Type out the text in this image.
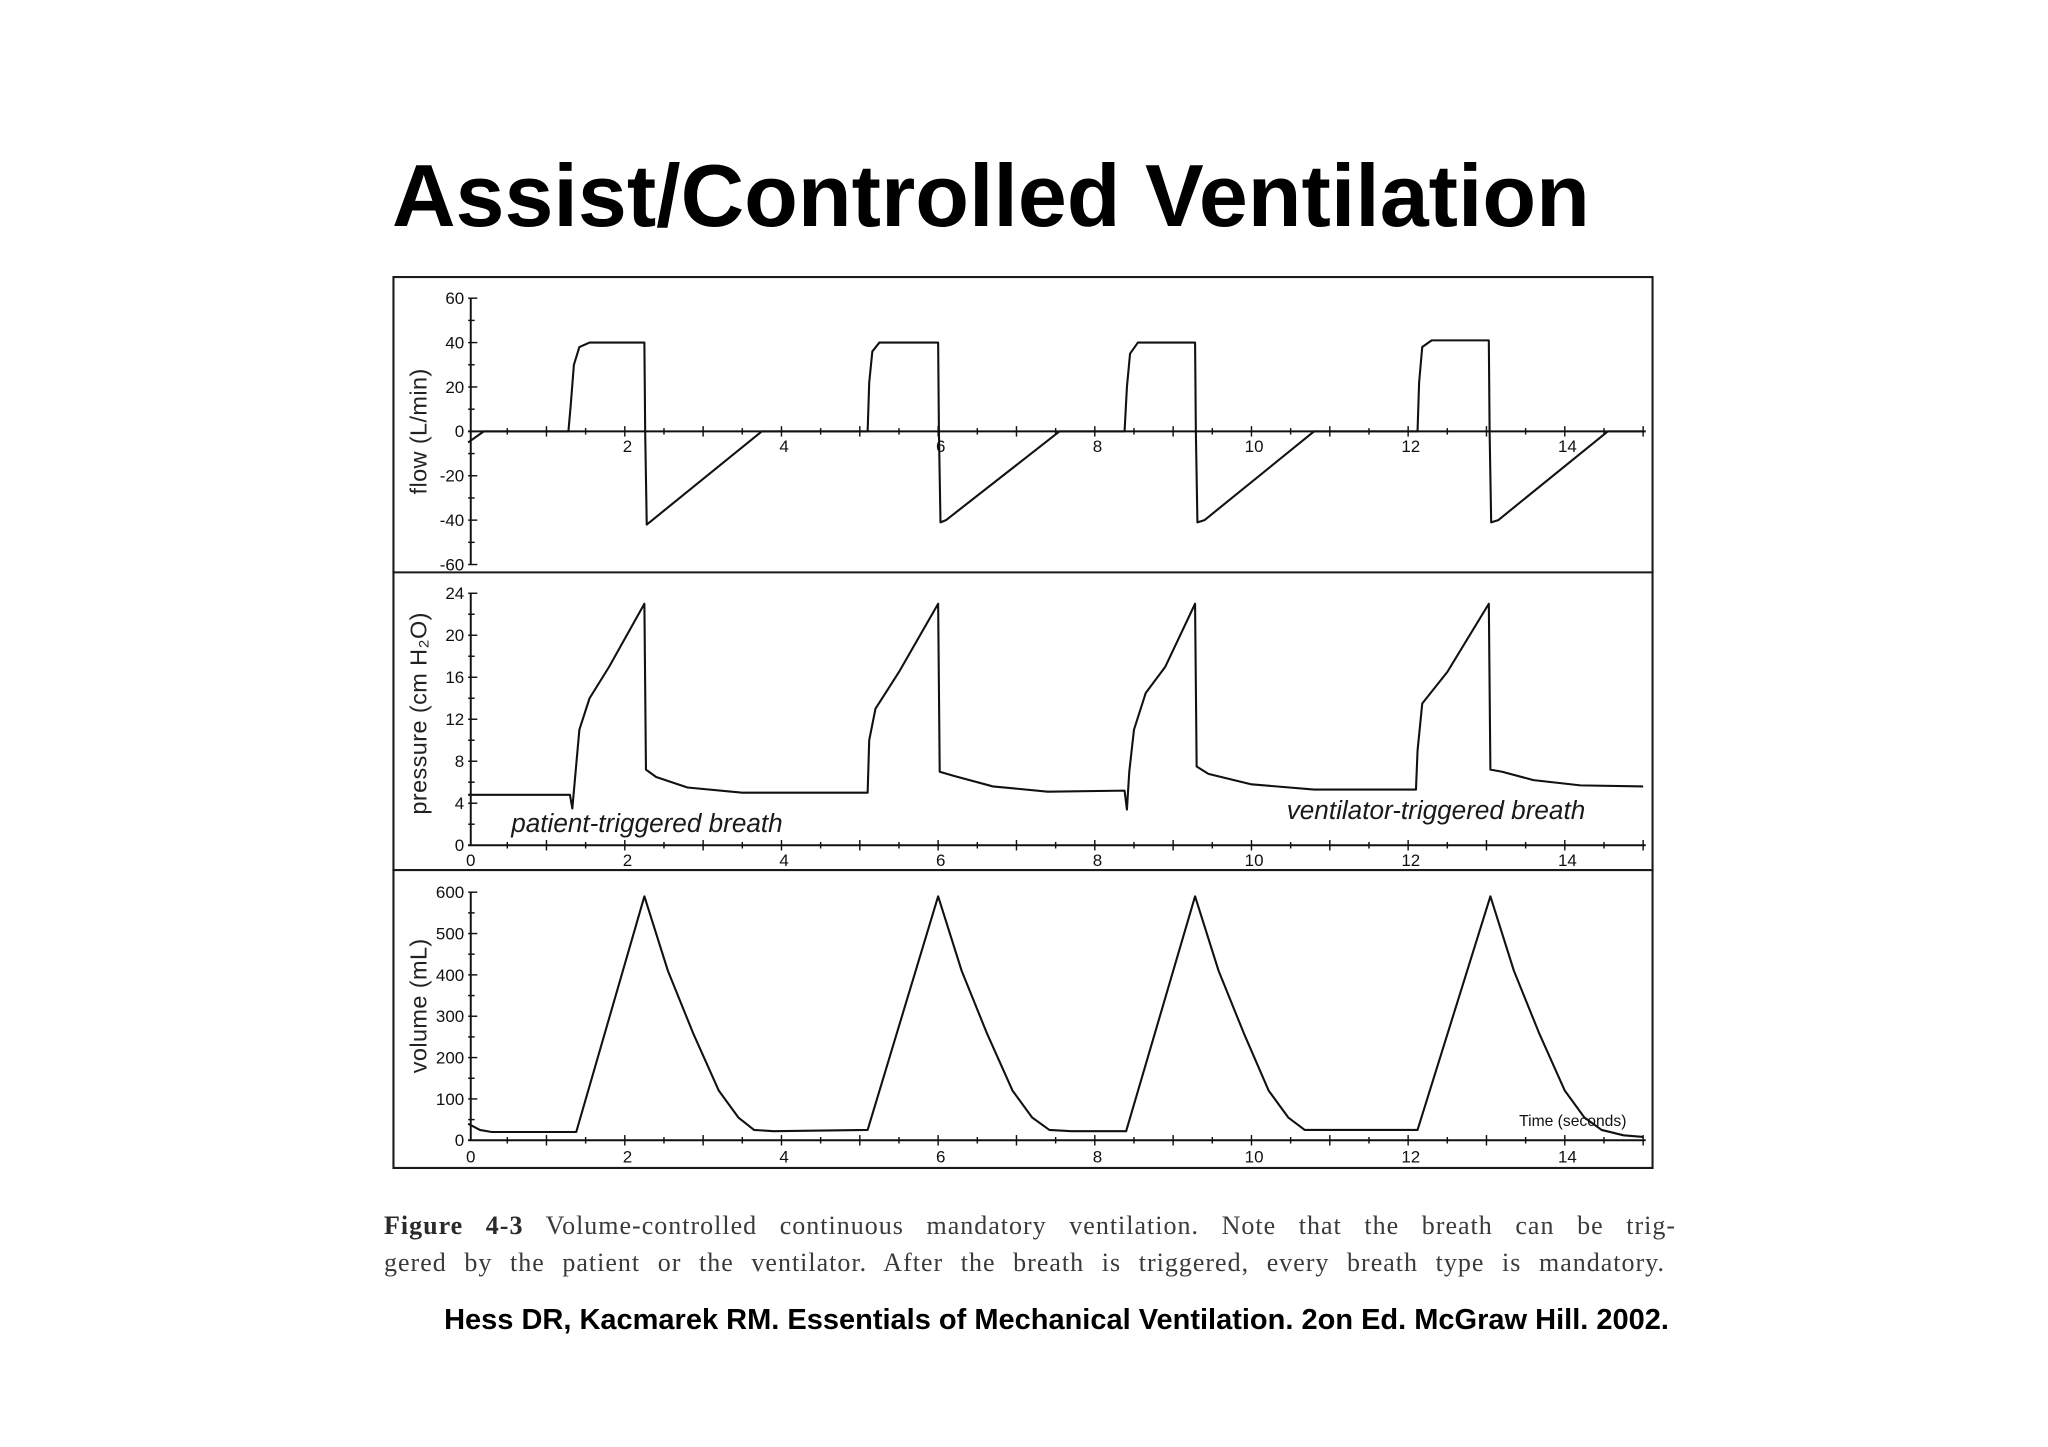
Assist/Controlled Ventilation
flow (L/min)	2	4	6	8	10	12	14
60
40
20
0
-20
-40
-60
pressure (cm H₂O)
patient-triggered breath	ventilator-triggered breath
0	2	4	6	8	10	12	14
24
20
16
12
8
4
0
volume (mL)
Time (seconds)
0	2	4	6	8	10	12	14
600
500
400
300
200
100
0
Figure 4-3 Volume-controlled continuous mandatory ventilation. Note that the breath can be trig-
gered by the patient or the ventilator. After the breath is triggered, every breath type is mandatory.
Hess DR, Kacmarek RM. Essentials of Mechanical Ventilation. 2on Ed. McGraw Hill. 2002.
